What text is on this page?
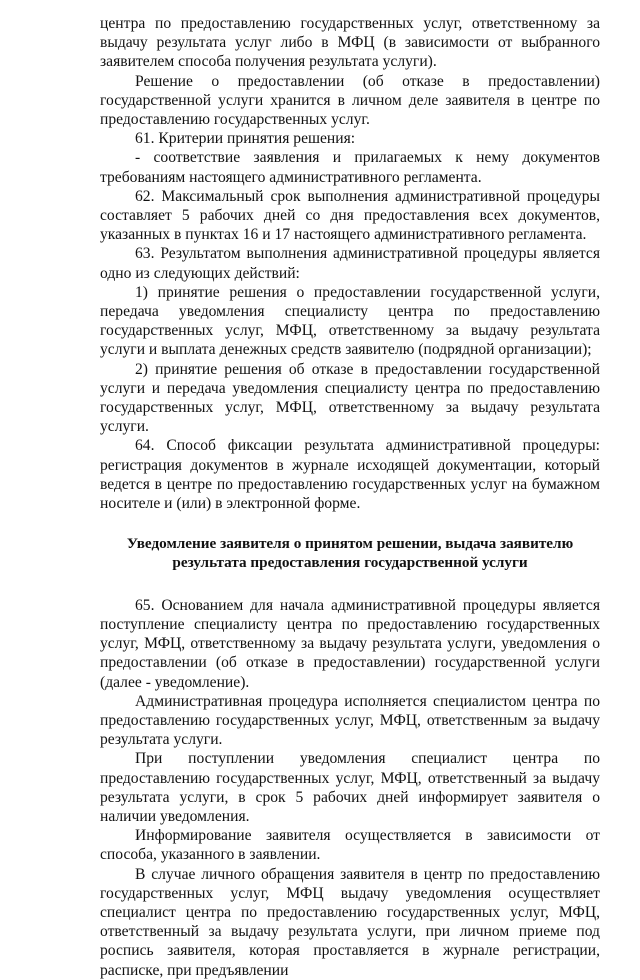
центра по предоставлению государственных услуг, ответственному за выдачу результата услуг либо в МФЦ (в зависимости от выбранного заявителем способа получения результата услуги).

Решение о предоставлении (об отказе в предоставлении) государственной услуги хранится в личном деле заявителя в центре по предоставлению государственных услуг.

61. Критерии принятия решения:

- соответствие заявления и прилагаемых к нему документов требованиям настоящего административного регламента.

62. Максимальный срок выполнения административной процедуры составляет 5 рабочих дней со дня предоставления всех документов, указанных в пунктах 16 и 17 настоящего административного регламента.

63. Результатом выполнения административной процедуры является одно из следующих действий:

1) принятие решения о предоставлении государственной услуги, передача уведомления специалисту центра по предоставлению государственных услуг, МФЦ, ответственному за выдачу результата услуги и выплата денежных средств заявителю (подрядной организации);

2) принятие решения об отказе в предоставлении государственной услуги и передача уведомления специалисту центра по предоставлению государственных услуг, МФЦ, ответственному за выдачу результата услуги.

64. Способ фиксации результата административной процедуры: регистрация документов в журнале исходящей документации, который ведется в центре по предоставлению государственных услуг на бумажном носителе и (или) в электронной форме.

Уведомление заявителя о принятом решении, выдача заявителю

результата предоставления государственной услуги

65. Основанием для начала административной процедуры является поступление специалисту центра по предоставлению государственных услуг, МФЦ, ответственному за выдачу результата услуги, уведомления о предоставлении (об отказе в предоставлении) государственной услуги (далее - уведомление).

Административная процедура исполняется специалистом центра по предоставлению государственных услуг, МФЦ, ответственным за выдачу результата услуги.

При поступлении уведомления специалист центра по предоставлению государственных услуг, МФЦ, ответственный за выдачу результата услуги, в срок 5 рабочих дней информирует заявителя о наличии уведомления.

Информирование заявителя осуществляется в зависимости от способа, указанного в заявлении.

В случае личного обращения заявителя в центр по предоставлению государственных услуг, МФЦ выдачу уведомления осуществляет специалист центра по предоставлению государственных услуг, МФЦ, ответственный за выдачу результата услуги, при личном приеме под роспись заявителя, которая проставляется в журнале регистрации, расписке, при предъявлении
